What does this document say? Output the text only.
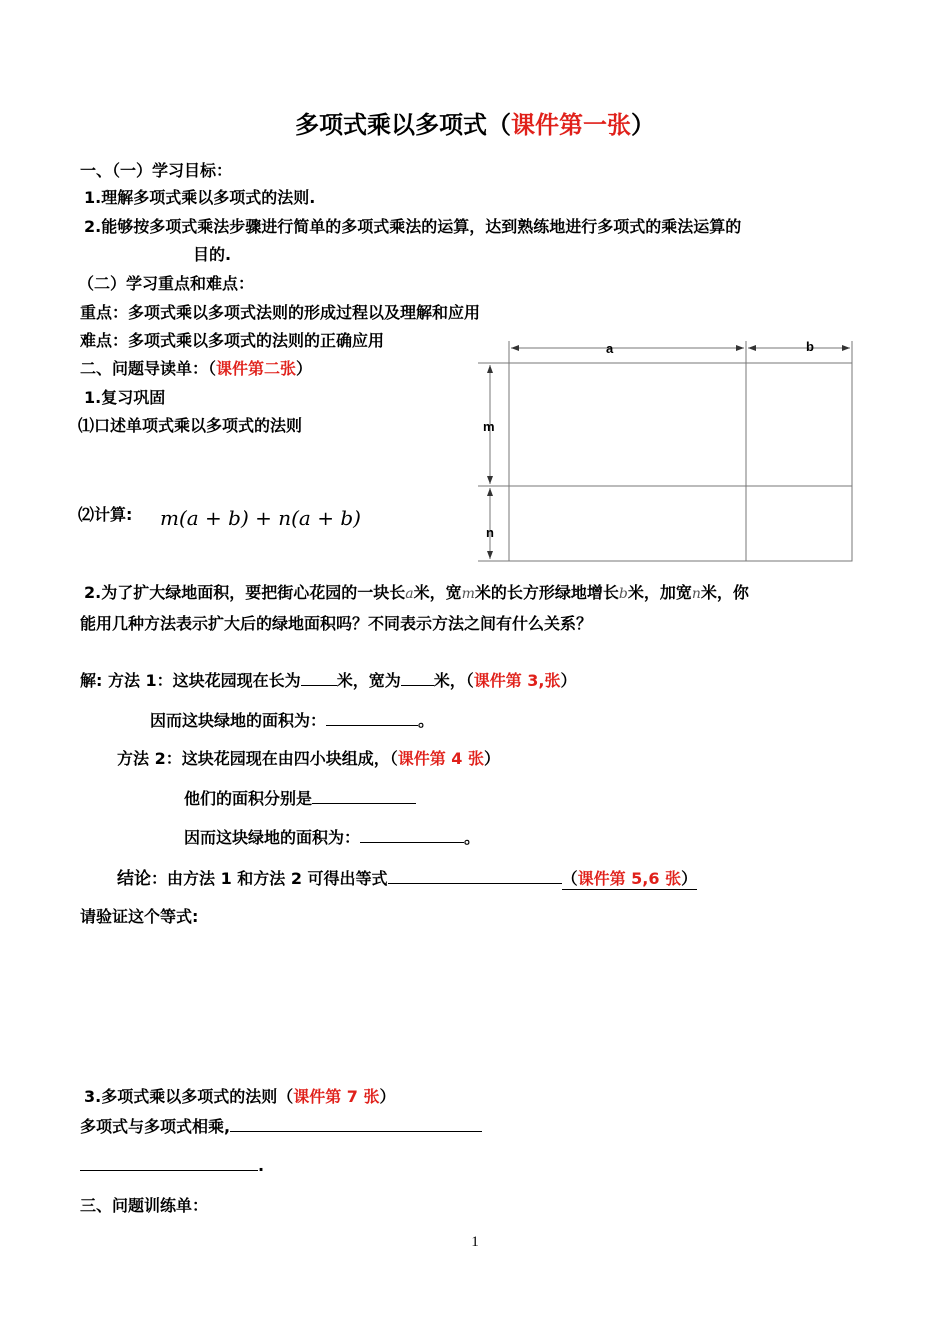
多项式乘以多项式（课件第一张）
一、（一）学习目标：
1.理解多项式乘以多项式的法则.
2.能够按多项式乘法步骤进行简单的多项式乘法的运算，达到熟练地进行多项式的乘法运算的
目的.
（二）学习重点和难点：
重点：多项式乘以多项式法则的形成过程以及理解和应用
难点：多项式乘以多项式的法则的正确应用
二、问题导读单：（课件第二张）
1.复习巩固
⑴口述单项式乘以多项式的法则
⑵计算: m(a + b) + n(a + b)
a	b
m
n
2.为了扩大绿地面积，要把街心花园的一块长a米，宽m米的长方形绿地增长b米，加宽n米，你
能用几种方法表示扩大后的绿地面积吗？不同表示方法之间有什么关系？
解: 方法 1：这块花园现在长为 米，宽为 米，（课件第 3,张）
因而这块绿地的面积为：	。
方法 2：这块花园现在由四小块组成，（课件第 4 张）
他们的面积分别是
因而这块绿地的面积为：	。
结论：由方法 1 和方法 2 可得出等式	（课件第 5,6 张）
请验证这个等式:
3.多项式乘以多项式的法则（课件第 7 张）
多项式与多项式相乘,
.
三、问题训练单：
1
